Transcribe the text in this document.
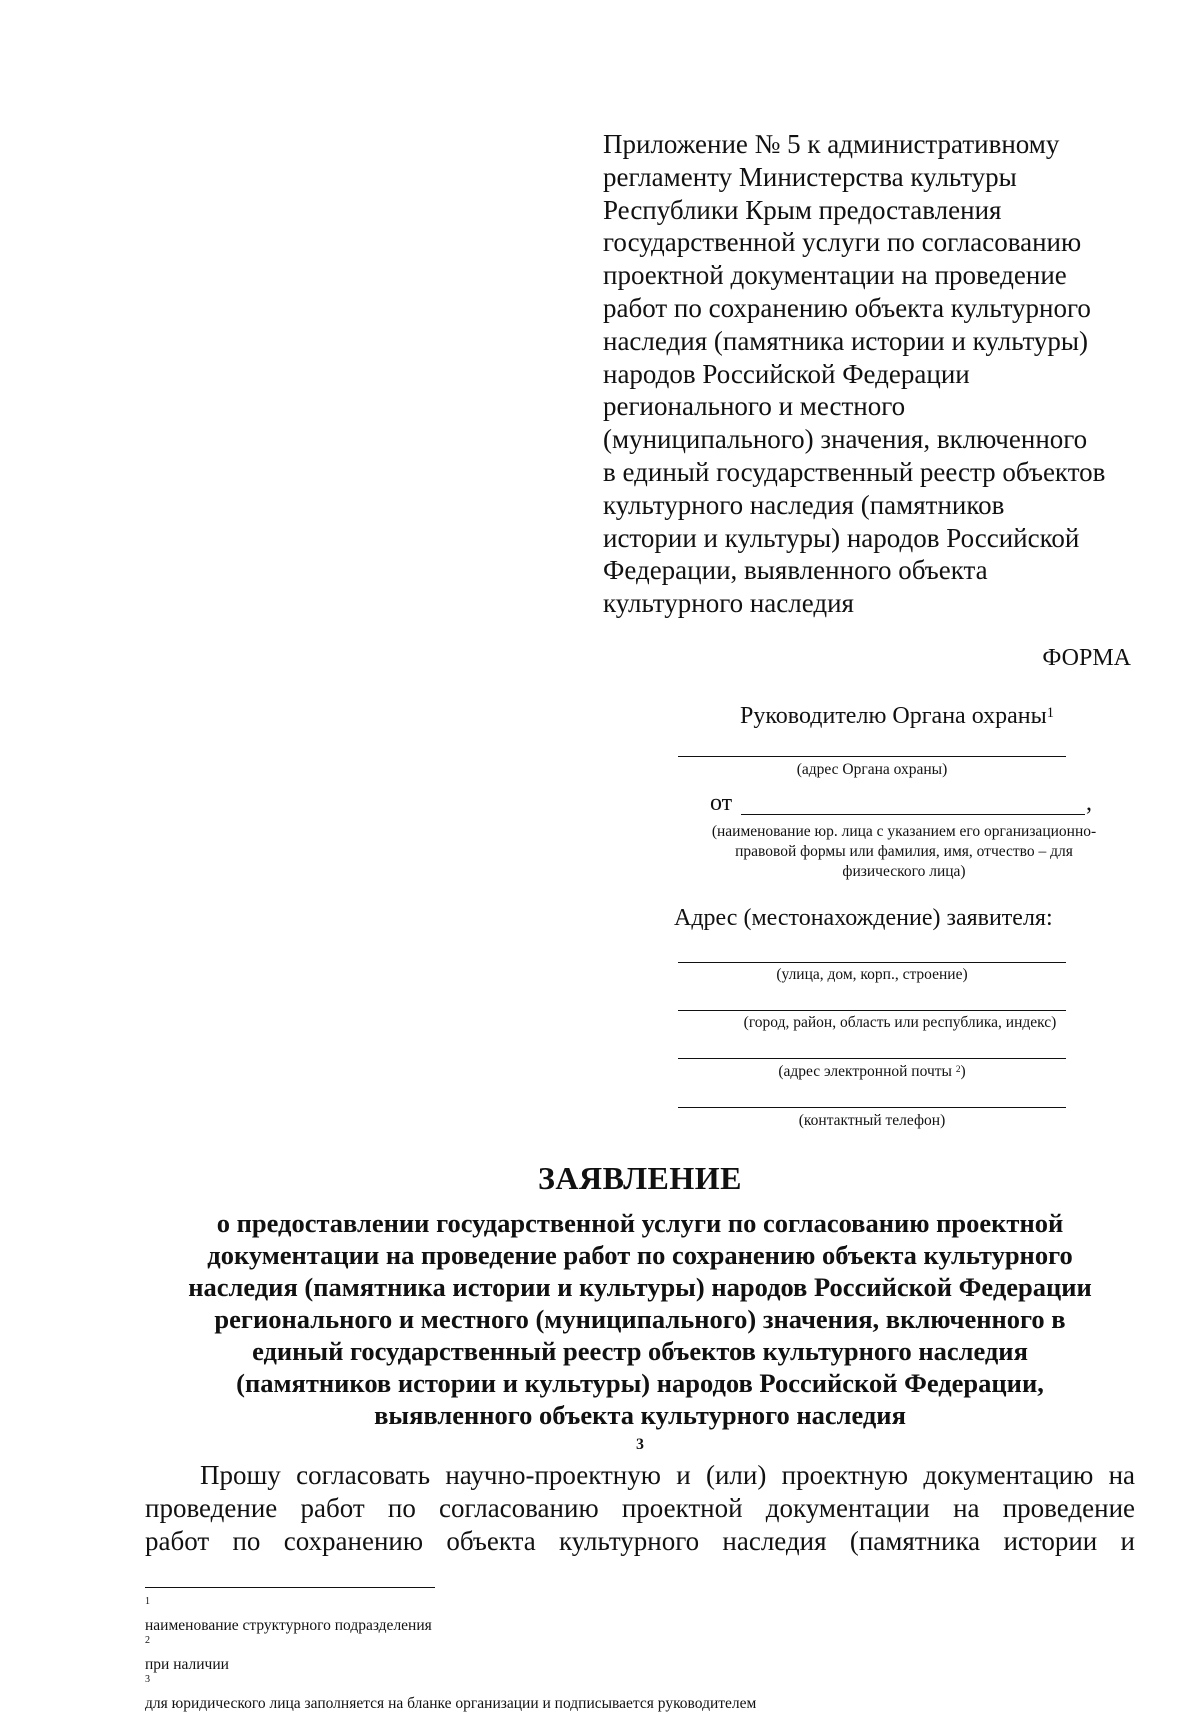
Приложение № 5 к административному
регламенту Министерства культуры
Республики Крым предоставления
государственной услуги по согласованию
проектной документации на проведение
работ по сохранению объекта культурного
наследия (памятника истории и культуры)
народов Российской Федерации
регионального и местного
(муниципального) значения, включенного
в единый государственный реестр объектов
культурного наследия (памятников
истории и культуры) народов Российской
Федерации, выявленного объекта
культурного наследия

ФОРМА

Руководителю Органа охраны$^1$

(адрес Органа охраны)

от	,

(наименование юр. лица с указанием его организационно-
правовой формы или фамилия, имя, отчество – для
физического лица)

Адрес (местонахождение) заявителя:

(улица, дом, корп., строение)

(город, район, область или республика, индекс)

(адрес электронной почты $^2$)

(контактный телефон)

ЗАЯВЛЕНИЕ
о предоставлении государственной услуги по согласованию проектной
документации на проведение работ по сохранению объекта культурного
наследия (памятника истории и культуры) народов Российской Федерации
регионального и местного (муниципального) значения, включенного в
единый государственный реестр объектов культурного наследия
(памятников истории и культуры) народов Российской Федерации,
выявленного объекта культурного наследия
$^3$

Прошу согласовать научно-проектную и (или) проектную документацию на
проведение работ по согласованию проектной документации на проведение
работ по сохранению объекта культурного наследия (памятника истории и

$^1$
наименование структурного подразделения
$^2$
при наличии
$^3$
для юридического лица заполняется на бланке организации и подписывается руководителем
